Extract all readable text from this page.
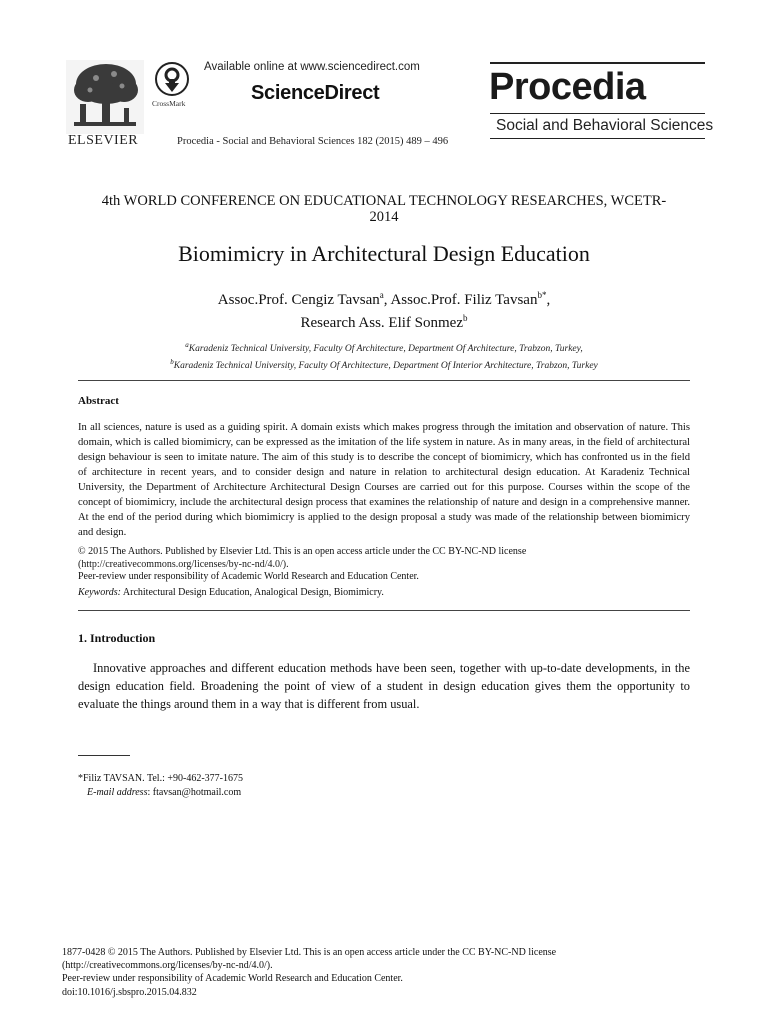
ELSEVIER
CrossMark
Available online at www.sciencedirect.com
ScienceDirect
Procedia - Social and Behavioral Sciences 182 (2015) 489 – 496
Procedia
Social and Behavioral Sciences
4th WORLD CONFERENCE ON EDUCATIONAL TECHNOLOGY RESEARCHES, WCETR-
2014
Biomimicry in Architectural Design Education
Assoc.Prof. Cengiz Tavsan$^a$, Assoc.Prof. Filiz Tavsan$^{b*}$,
Research Ass. Elif Sonmez$^b$
$^a$Karadeniz Technical University, Faculty Of Architecture, Department Of Architecture, Trabzon, Turkey,
$^b$Karadeniz Technical University, Faculty Of Architecture, Department Of Interior Architecture, Trabzon, Turkey
Abstract

In all sciences, nature is used as a guiding spirit. A domain exists which makes progress through the imitation and observation of nature. This domain, which is called biomimicry, can be expressed as the imitation of the life system in nature. As in many areas, in the field of architectural design behaviour is seen to imitate nature. The aim of this study is to describe the concept of biomimicry, which has confronted us in the field of architecture in recent years, and to consider design and nature in relation to architectural design education. At Karadeniz Technical University, the Department of Architecture Architectural Design Courses are carried out for this purpose. Courses within the scope of the concept of biomimicry, include the architectural design process that examines the relationship of nature and design in a comprehensive manner. At the end of the period during which biomimicry is applied to the design proposal a study was made of the relationship between biomimicry and design.

© 2015 The Authors. Published by Elsevier Ltd. This is an open access article under the CC BY-NC-ND license
(http://creativecommons.org/licenses/by-nc-nd/4.0/).
Peer-review under responsibility of Academic World Research and Education Center.
Keywords: Architectural Design Education, Analogical Design, Biomimicry.
1. Introduction

Innovative approaches and different education methods have been seen, together with up-to-date developments, in the design education field. Broadening the point of view of a student in design education gives them the opportunity to evaluate the things around them in a way that is different from usual.

*Filiz TAVSAN. Tel.: +90-462-377-1675
E-mail address: ftavsan@hotmail.com
1877-0428 © 2015 The Authors. Published by Elsevier Ltd. This is an open access article under the CC BY-NC-ND license
(http://creativecommons.org/licenses/by-nc-nd/4.0/).
Peer-review under responsibility of Academic World Research and Education Center.
doi:10.1016/j.sbspro.2015.04.832
